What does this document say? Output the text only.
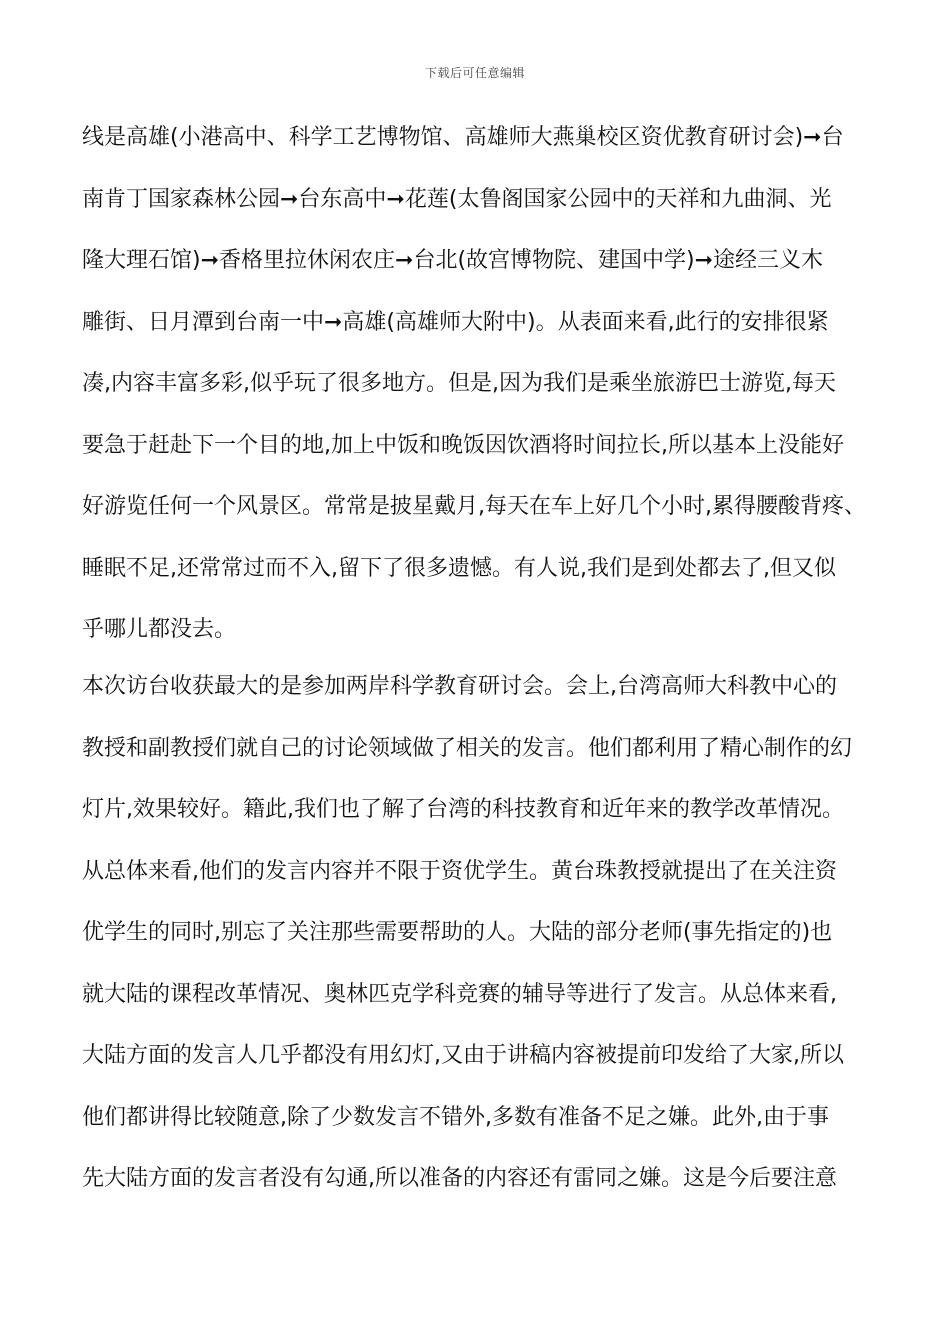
下载后可任意编辑
线是高雄(小港高中、科学工艺博物馆、高雄师大燕巢校区资优教育研讨会)➞台
南肯丁国家森林公园➞台东高中➞花莲(太鲁阁国家公园中的天祥和九曲洞、光
隆大理石馆)➞香格里拉休闲农庄➞台北(故宫博物院、建国中学)➞途经三义木
雕街、日月潭到台南一中➞高雄(高雄师大附中)。从表面来看,此行的安排很紧
凑,内容丰富多彩,似乎玩了很多地方。但是,因为我们是乘坐旅游巴士游览,每天
要急于赶赴下一个目的地,加上中饭和晚饭因饮酒将时间拉长,所以基本上没能好
好游览任何一个风景区。常常是披星戴月,每天在车上好几个小时,累得腰酸背疼、
睡眠不足,还常常过而不入,留下了很多遗憾。有人说,我们是到处都去了,但又似
乎哪儿都没去。
本次访台收获最大的是参加两岸科学教育研讨会。会上,台湾高师大科教中心的
教授和副教授们就自己的讨论领域做了相关的发言。他们都利用了精心制作的幻
灯片,效果较好。籍此,我们也了解了台湾的科技教育和近年来的教学改革情况。
从总体来看,他们的发言内容并不限于资优学生。黄台珠教授就提出了在关注资
优学生的同时,别忘了关注那些需要帮助的人。大陆的部分老师(事先指定的)也
就大陆的课程改革情况、奥林匹克学科竞赛的辅导等进行了发言。从总体来看,
大陆方面的发言人几乎都没有用幻灯,又由于讲稿内容被提前印发给了大家,所以
他们都讲得比较随意,除了少数发言不错外,多数有准备不足之嫌。此外,由于事
先大陆方面的发言者没有勾通,所以准备的内容还有雷同之嫌。这是今后要注意
